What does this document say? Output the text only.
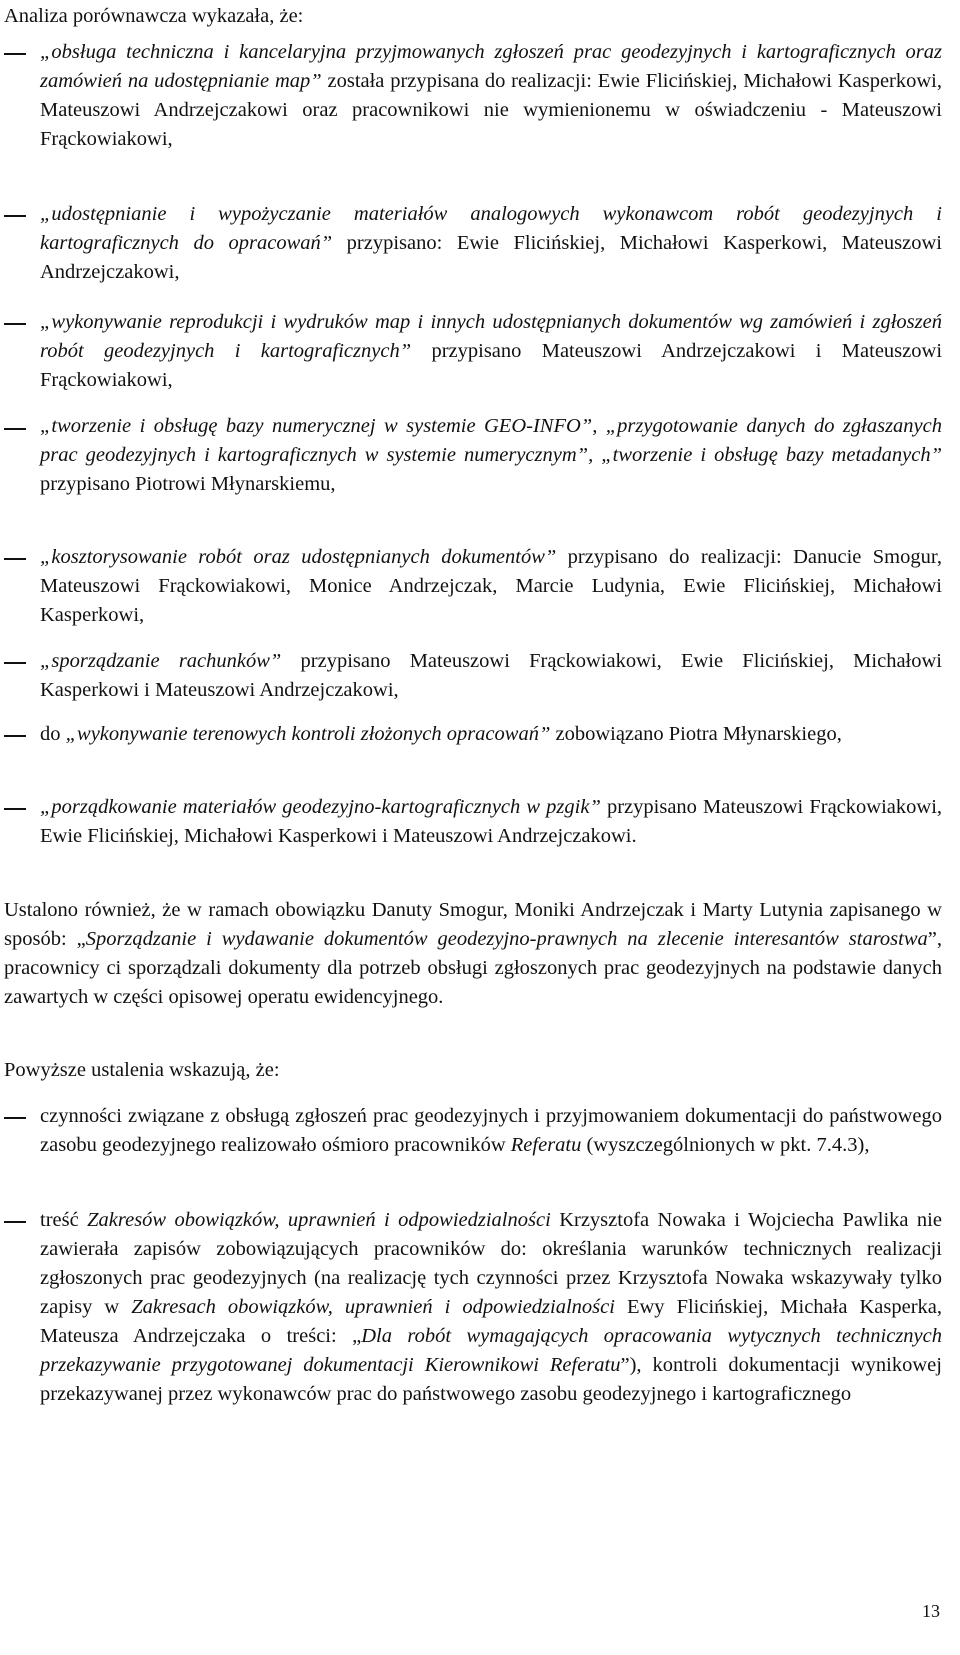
Analiza porównawcza wykazała, że:
„obsługa techniczna i kancelaryjna przyjmowanych zgłoszeń prac geodezyjnych i kartograficznych oraz zamówień na udostępnianie map” została przypisana do realizacji: Ewie Flicińskiej, Michałowi Kasperkowi, Mateuszowi Andrzejczakowi oraz pracownikowi nie wymienionemu w oświadczeniu - Mateuszowi Frąckowiakowi,
„udostępnianie i wypożyczanie materiałów analogowych wykonawcom robót geodezyjnych i kartograficznych do opracowań” przypisano: Ewie Flicińskiej, Michałowi Kasperkowi, Mateuszowi Andrzejczakowi,
„wykonywanie reprodukcji i wydruków map i innych udostępnianych dokumentów wg zamówień i zgłoszeń robót geodezyjnych i kartograficznych” przypisano Mateuszowi Andrzejczakowi i Mateuszowi Frąckowiakowi,
„tworzenie i obsługę bazy numerycznej w systemie GEO-INFO”, „przygotowanie danych do zgłaszanych prac geodezyjnych i kartograficznych w systemie numerycznym”, „tworzenie i obsługę bazy metadanych” przypisano Piotrowi Młynarskiemu,
„kosztorysowanie robót oraz udostępnianych dokumentów” przypisano do realizacji: Danucie Smogur, Mateuszowi Frąckowiakowi, Monice Andrzejczak, Marcie Ludynia, Ewie Flicińskiej, Michałowi Kasperkowi,
„sporządzanie rachunków” przypisano Mateuszowi Frąckowiakowi, Ewie Flicińskiej, Michałowi Kasperkowi i Mateuszowi Andrzejczakowi,
do „wykonywanie terenowych kontroli złożonych opracowań” zobowiązano Piotra Młynarskiego,
„porządkowanie materiałów geodezyjno-kartograficznych w pzgik” przypisano Mateuszowi Frąckowiakowi, Ewie Flicińskiej, Michałowi Kasperkowi i Mateuszowi Andrzejczakowi.
Ustalono również, że w ramach obowiązku Danuty Smogur, Moniki Andrzejczak i Marty Lutynia zapisanego w sposób: „Sporządzanie i wydawanie dokumentów geodezyjno-prawnych na zlecenie interesantów starostwa”, pracownicy ci sporządzali dokumenty dla potrzeb obsługi zgłoszonych prac geodezyjnych na podstawie danych zawartych w części opisowej operatu ewidencyjnego.
Powyższe ustalenia wskazują, że:
czynności związane z obsługą zgłoszeń prac geodezyjnych i przyjmowaniem dokumentacji do państwowego zasobu geodezyjnego realizowało ośmioro pracowników Referatu (wyszczególnionych w pkt. 7.4.3),
treść Zakresów obowiązków, uprawnień i odpowiedzialności Krzysztofa Nowaka i Wojciecha Pawlika nie zawierała zapisów zobowiązujących pracowników do: określania warunków technicznych realizacji zgłoszonych prac geodezyjnych (na realizację tych czynności przez Krzysztofa Nowaka wskazywały tylko zapisy w Zakresach obowiązków, uprawnień i odpowiedzialności Ewy Flicińskiej, Michała Kasperka, Mateusza Andrzejczaka o treści: „Dla robót wymagających opracowania wytycznych technicznych przekazywanie przygotowanej dokumentacji Kierownikowi Referatu”), kontroli dokumentacji wynikowej przekazywanej przez wykonawców prac do państwowego zasobu geodezyjnego i kartograficznego
13
